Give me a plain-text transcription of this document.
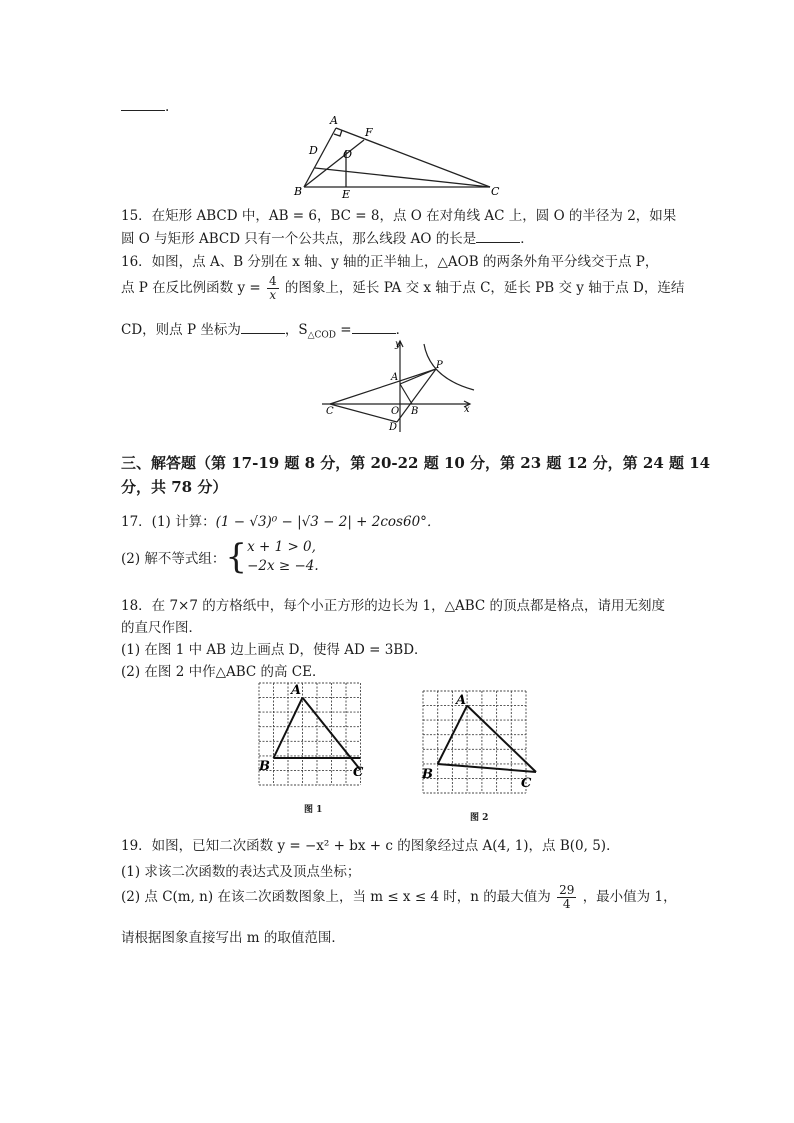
.
A
F
D O
B	E	C
15．在矩形 ABCD 中，AB = 6，BC = 8，点 O 在对角线 AC 上，圆 O 的半径为 2，如果
圆 O 与矩形 ABCD 只有一个公共点，那么线段 AO 的长是	．
16．如图，点 A、B 分别在 x 轴、y 轴的正半轴上，△AOB 的两条外角平分线交于点 P，
点 P 在反比例函数 $y = \frac{4}{x}$ 的图象上，延长 PA 交 x 轴于点 C，延长 PB 交 y 轴于点 D，连结
CD，则点 P 坐标为	，$S_{\triangle COD}$ =	．
y
x
A
P
C	O B
D
三、解答题（第 17-19 题 8 分，第 20-22 题 10 分，第 23 题 12 分，第 24 题 14
分，共 78 分）
17．(1) 计算：(1 − √3)⁰ − |√3 − 2| + 2cos60°．
(2) 解不等式组：{ x + 1 > 0,
−2x ≥ −4.
18．在 7×7 的方格纸中，每个小正方形的边长为 1，△ABC 的顶点都是格点，请用无刻度
的直尺作图．
(1) 在图 1 中 AB 边上画点 D，使得 AD = 3BD．
(2) 在图 2 中作△ABC 的高 CE．
A
B	C
图 1
A
B
C
图 2
19．如图，已知二次函数 y = −x² + bx + c 的图象经过点 A(4, 1)，点 B(0, 5)．
(1) 求该二次函数的表达式及顶点坐标；
(2) 点 C(m, n) 在该二次函数图象上，当 m ≤ x ≤ 4 时，n 的最大值为 $\frac{29}{4}$ ，最小值为 1，
请根据图象直接写出 m 的取值范围．
